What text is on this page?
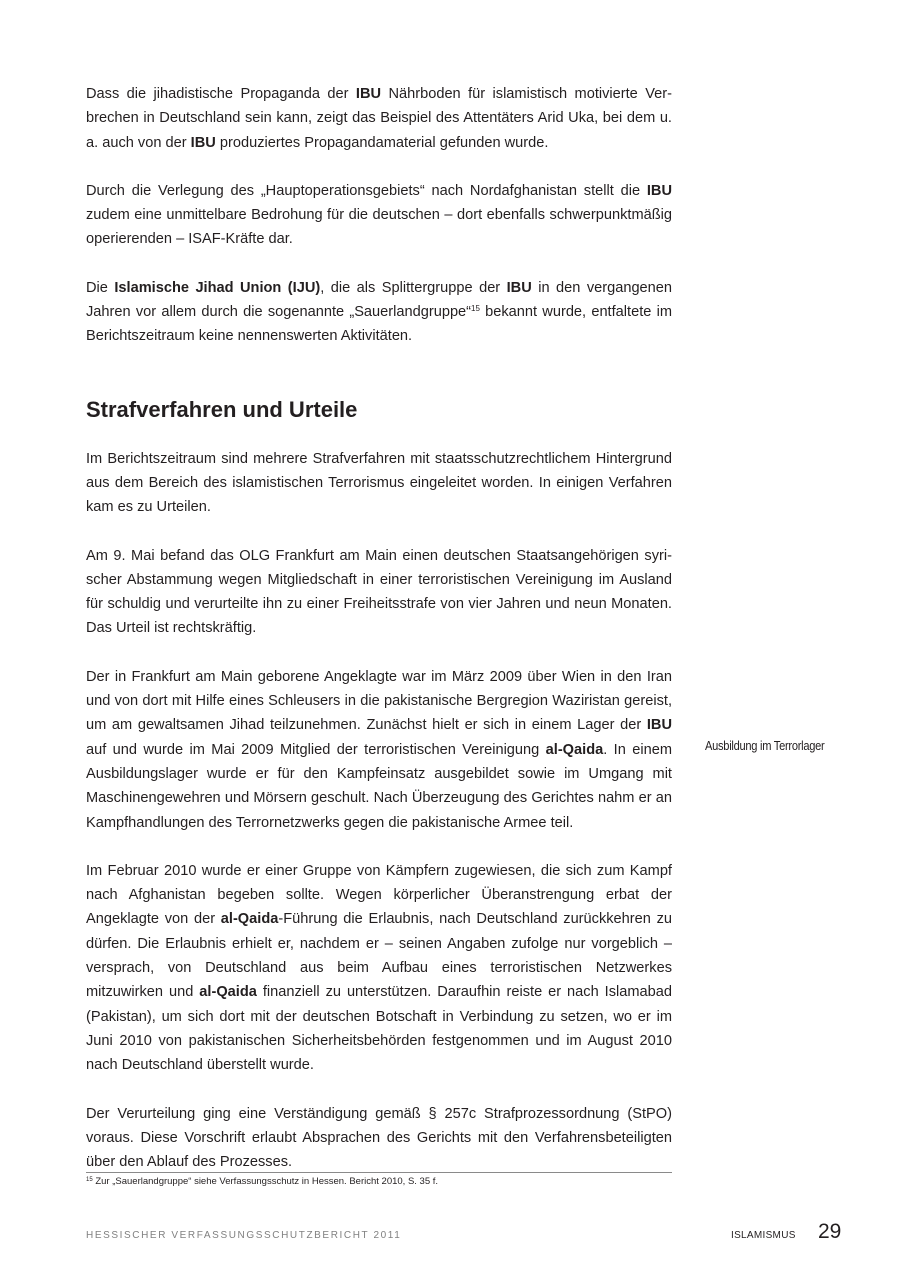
Dass die jihadistische Propaganda der IBU Nährboden für islamistisch motivierte Verbrechen in Deutschland sein kann, zeigt das Beispiel des Attentäters Arid Uka, bei dem u. a. auch von der IBU produziertes Propagandamaterial gefunden wurde.

Durch die Verlegung des „Hauptoperationsgebiets“ nach Nordafghanistan stellt die IBU zudem eine unmittelbare Bedrohung für die deutschen – dort ebenfalls schwerpunktmäßig operierenden – ISAF-Kräfte dar.

Die Islamische Jihad Union (IJU), die als Splittergruppe der IBU in den vergangenen Jahren vor allem durch die sogenannte „Sauerlandgruppe“$^{15}$ bekannt wurde, entfaltete im Berichtszeitraum keine nennenswerten Aktivitäten.

Strafverfahren und Urteile

Im Berichtszeitraum sind mehrere Strafverfahren mit staatsschutzrechtlichem Hintergrund aus dem Bereich des islamistischen Terrorismus eingeleitet worden. In einigen Verfahren kam es zu Urteilen.

Am 9. Mai befand das OLG Frankfurt am Main einen deutschen Staatsangehörigen syrischer Abstammung wegen Mitgliedschaft in einer terroristischen Vereinigung im Ausland für schuldig und verurteilte ihn zu einer Freiheitsstrafe von vier Jahren und neun Monaten. Das Urteil ist rechtskräftig.

Der in Frankfurt am Main geborene Angeklagte war im März 2009 über Wien in den Iran und von dort mit Hilfe eines Schleusers in die pakistanische Bergregion Waziristan gereist, um am gewaltsamen Jihad teilzunehmen. Zunächst hielt er sich in einem Lager der IBU auf und wurde im Mai 2009 Mitglied der terroristischen Vereinigung al-Qaida. In einem Ausbildungslager wurde er für den Kampfeinsatz ausgebildet sowie im Umgang mit Maschinengewehren und Mörsern geschult. Nach Überzeugung des Gerichtes nahm er an Kampfhandlungen des Terrornetzwerks gegen die pakistanische Armee teil.

Im Februar 2010 wurde er einer Gruppe von Kämpfern zugewiesen, die sich zum Kampf nach Afghanistan begeben sollte. Wegen körperlicher Überanstrengung erbat der Angeklagte von der al-Qaida-Führung die Erlaubnis, nach Deutschland zurückkehren zu dürfen. Die Erlaubnis erhielt er, nachdem er – seinen Angaben zufolge nur vorgeblich – versprach, von Deutschland aus beim Aufbau eines terroristischen Netzwerkes mitzuwirken und al-Qaida finanziell zu unterstützen. Daraufhin reiste er nach Islamabad (Pakistan), um sich dort mit der deutschen Botschaft in Verbindung zu setzen, wo er im Juni 2010 von pakistanischen Sicherheitsbehörden festgenommen und im August 2010 nach Deutschland überstellt wurde.

Der Verurteilung ging eine Verständigung gemäß § 257c Strafprozessordnung (StPO) voraus. Diese Vorschrift erlaubt Absprachen des Gerichts mit den Verfahrensbeteiligten über den Ablauf des Prozesses.

Ausbildung im Terrorlager
$^{15}$ Zur „Sauerlandgruppe“ siehe Verfassungsschutz in Hessen. Bericht 2010, S. 35 f.
HESSISCHER VERFASSUNGSSCHUTZBERICHT 2011	ISLAMISMUS 29
